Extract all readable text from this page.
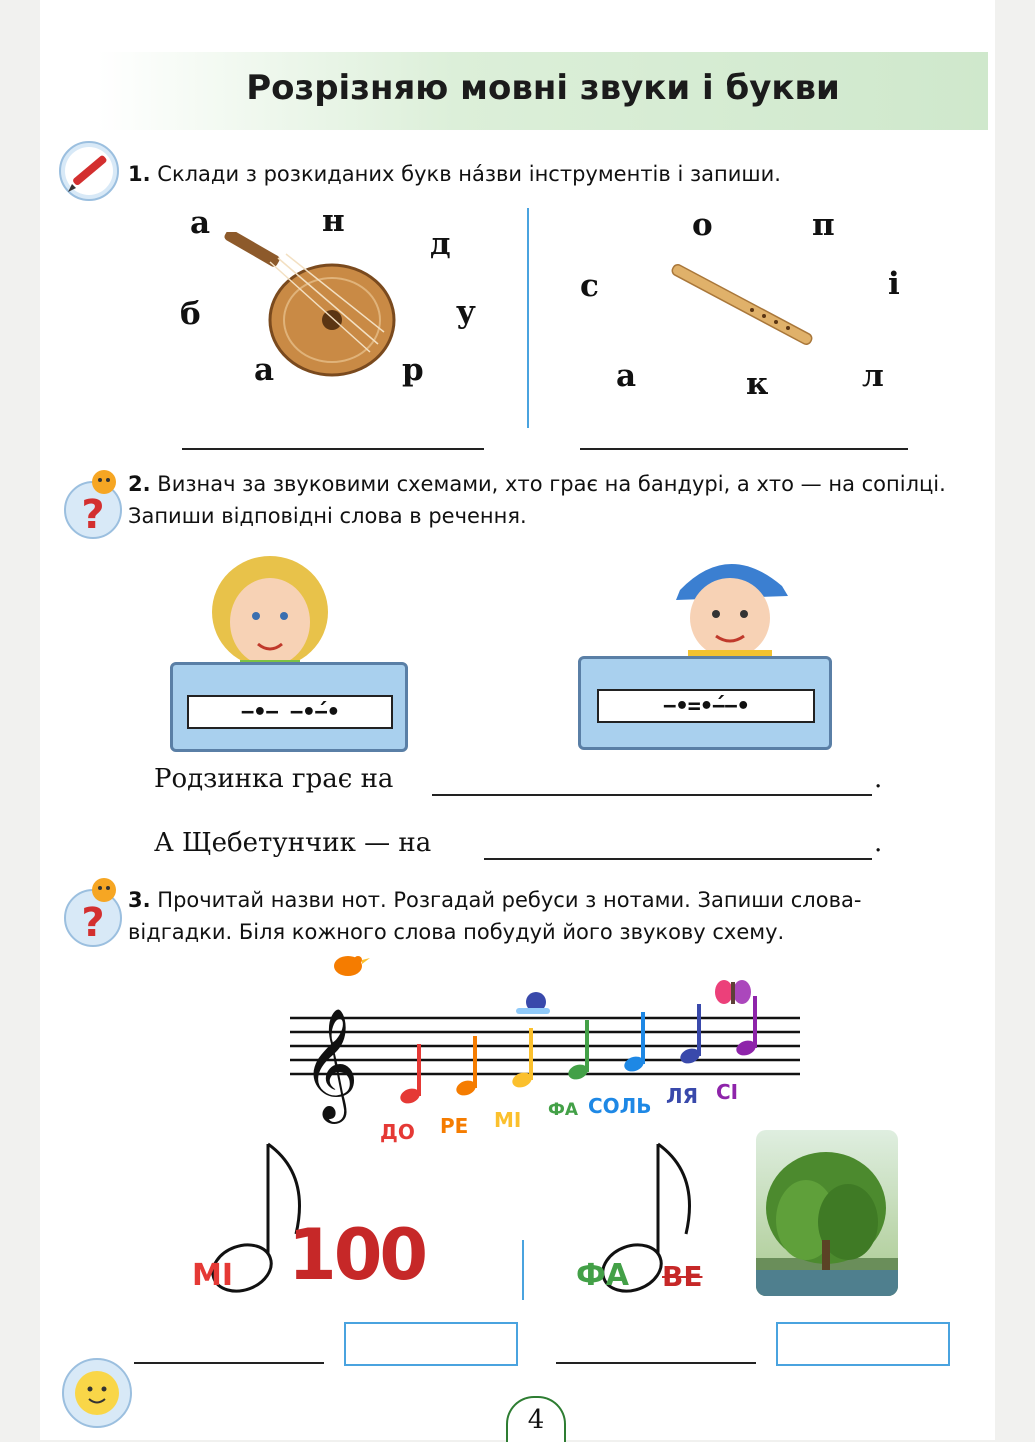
Розрізняю мовні звуки і букви
1. Склади з розкиданих букв на́зви інструментів і запиши.
а	н
д
б	у
а	р
о	п
с	і
а	к	л
?
2. Визнач за звуковими схемами, хто грає на бандурі, а хто — на сопілці. Запиши відповідні слова в речення.
−•− −•́−•	−•=•́−−•
Родзинка грає на	.
А Щебетунчик — на	.
? 3. Прочитай назви нот. Розгадай ребуси з нотами. Запиши слова-відгадки. Біля кожного слова побудуй його звукову схему.
𝄞
ДО РЕ МІ ФА СОЛЬ ЛЯ СІ
МІ 100	ФА ВЕ
4
